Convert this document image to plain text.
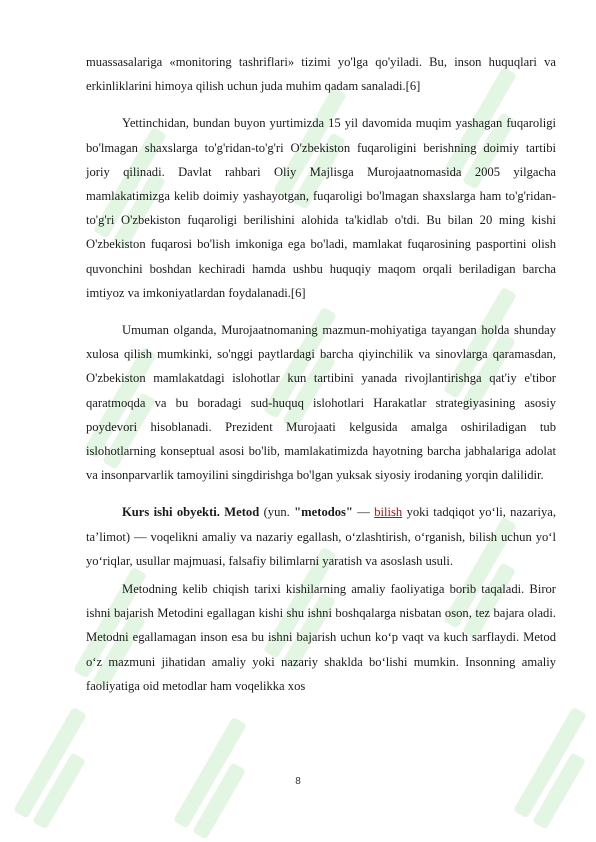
muassasalariga «monitoring tashriflari» tizimi yo'lga qo'yiladi. Bu, inson huquqlari va erkinliklarini himoya qilish uchun juda muhim qadam sanaladi.[6]

Yettinchidan, bundan buyon yurtimizda 15 yil davomida muqim yashagan fuqaroligi bo'lmagan shaxslarga to'g'ridan-to'g'ri O'zbekiston fuqaroligini berishning doimiy tartibi joriy qilinadi. Davlat rahbari Oliy Majlisga Murojaatnomasida 2005 yilgacha mamlakatimizga kelib doimiy yashayotgan, fuqaroligi bo'lmagan shaxslarga ham to'g'ridan-to'g'ri O'zbekiston fuqaroligi berilishini alohida ta'kidlab o'tdi. Bu bilan 20 ming kishi O'zbekiston fuqarosi bo'lish imkoniga ega bo'ladi, mamlakat fuqarosining pasportini olish quvonchini boshdan kechiradi hamda ushbu huquqiy maqom orqali beriladigan barcha imtiyoz va imkoniyatlardan foydalanadi.[6]

Umuman olganda, Murojaatnomaning mazmun-mohiyatiga tayangan holda shunday xulosa qilish mumkinki, so'nggi paytlardagi barcha qiyinchilik va sinovlarga qaramasdan, O'zbekiston mamlakatdagi islohotlar kun tartibini yanada rivojlantirishga qat'iy e'tibor qaratmoqda va bu boradagi sud-huquq islohotlari Harakatlar strategiyasining asosiy poydevori hisoblanadi. Prezident Murojaati kelgusida amalga oshiriladigan tub islohotlarning konseptual asosi bo'lib, mamlakatimizda hayotning barcha jabhalariga adolat va insonparvarlik tamoyilini singdirishga bo'lgan yuksak siyosiy irodaning yorqin dalilidir.

Kurs ishi obyekti. Metod (yun. "metodos" — bilish yoki tadqiqot yo‘li, nazariya, ta’limot) — voqelikni amaliy va nazariy egallash, o‘zlashtirish, o‘rganish, bilish uchun yo‘l yo‘riqlar, usullar majmuasi, falsafiy bilimlarni yaratish va asoslash usuli.

Metodning kelib chiqish tarixi kishilarning amaliy faoliyatiga borib taqaladi. Biror ishni bajarish Metodini egallagan kishi shu ishni boshqalarga nisbatan oson, tez bajara oladi. Metodni egallamagan inson esa bu ishni bajarish uchun ko‘p vaqt va kuch sarflaydi. Metod o‘z mazmuni jihatidan amaliy yoki nazariy shaklda bo‘lishi mumkin. Insonning amaliy faoliyatiga oid metodlar ham voqelikka xos

8
